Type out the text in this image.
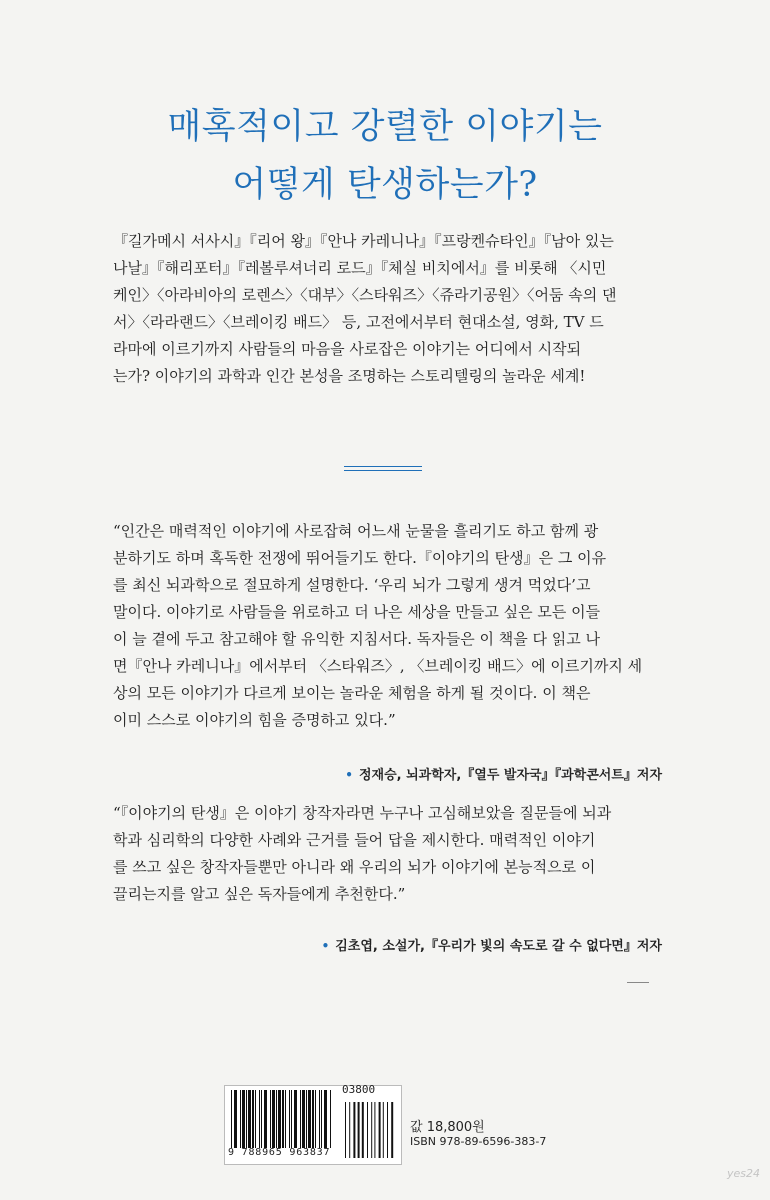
매혹적이고 강렬한 이야기는
어떻게 탄생하는가?
『길가메시 서사시』『리어 왕』『안나 카레니나』『프랑켄슈타인』『남아 있는
나날』『해리포터』『레볼루셔너리 로드』『체실 비치에서』를 비롯해 〈시민
케인〉〈아라비아의 로렌스〉〈대부〉〈스타워즈〉〈쥬라기공원〉〈어둠 속의 댄
서〉〈라라랜드〉〈브레이킹 배드〉 등, 고전에서부터 현대소설, 영화, TV 드
라마에 이르기까지 사람들의 마음을 사로잡은 이야기는 어디에서 시작되
는가? 이야기의 과학과 인간 본성을 조명하는 스토리텔링의 놀라운 세계!
“인간은 매력적인 이야기에 사로잡혀 어느새 눈물을 흘리기도 하고 함께 광
분하기도 하며 혹독한 전쟁에 뛰어들기도 한다.『이야기의 탄생』은 그 이유
를 최신 뇌과학으로 절묘하게 설명한다. ‘우리 뇌가 그렇게 생겨 먹었다’고
말이다. 이야기로 사람들을 위로하고 더 나은 세상을 만들고 싶은 모든 이들
이 늘 곁에 두고 참고해야 할 유익한 지침서다. 독자들은 이 책을 다 읽고 나
면『안나 카레니나』에서부터 〈스타워즈〉, 〈브레이킹 배드〉에 이르기까지 세
상의 모든 이야기가 다르게 보이는 놀라운 체험을 하게 될 것이다. 이 책은
이미 스스로 이야기의 힘을 증명하고 있다.”
• 정재승, 뇌과학자,『열두 발자국』『과학콘서트』저자
“『이야기의 탄생』은 이야기 창작자라면 누구나 고심해보았을 질문들에 뇌과
학과 심리학의 다양한 사례와 근거를 들어 답을 제시한다. 매력적인 이야기
를 쓰고 싶은 창작자들뿐만 아니라 왜 우리의 뇌가 이야기에 본능적으로 이
끌리는지를 알고 싶은 독자들에게 추천한다.”
• 김초엽, 소설가,『우리가 빛의 속도로 갈 수 없다면』저자
03800
9 788965 963837
값 18,800원
ISBN 978-89-6596-383-7
yes24
